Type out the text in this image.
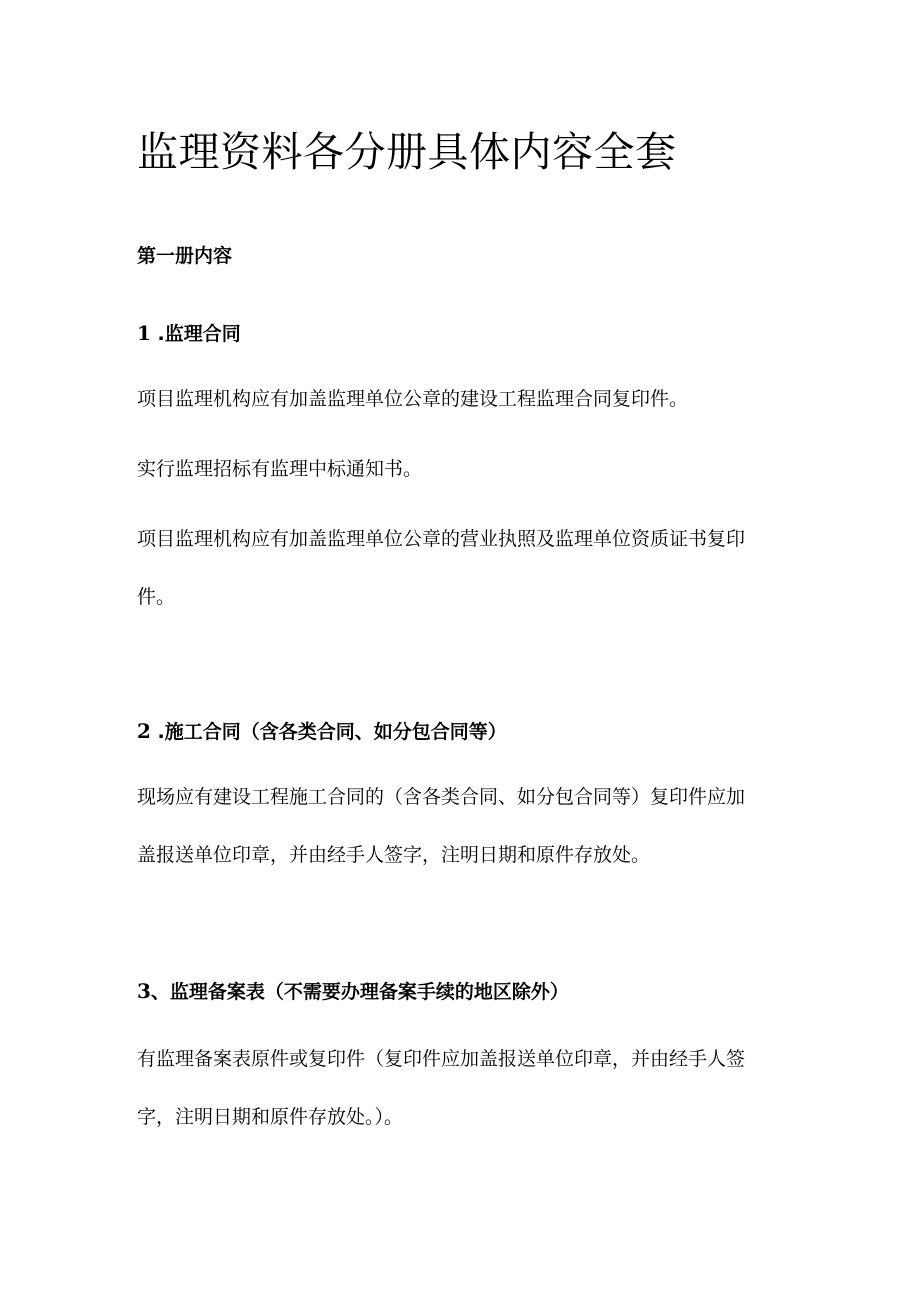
监理资料各分册具体内容全套
第一册内容
1 .监理合同

项目监理机构应有加盖监理单位公章的建设工程监理合同复印件。

实行监理招标有监理中标通知书。

项目监理机构应有加盖监理单位公章的营业执照及监理单位资质证书复印
件。

2 .施工合同（含各类合同、如分包合同等）

现场应有建设工程施工合同的（含各类合同、如分包合同等）复印件应加
盖报送单位印章，并由经手人签字，注明日期和原件存放处。

3、监理备案表（不需要办理备案手续的地区除外）

有监理备案表原件或复印件（复印件应加盖报送单位印章，并由经手人签
字，注明日期和原件存放处。）。
